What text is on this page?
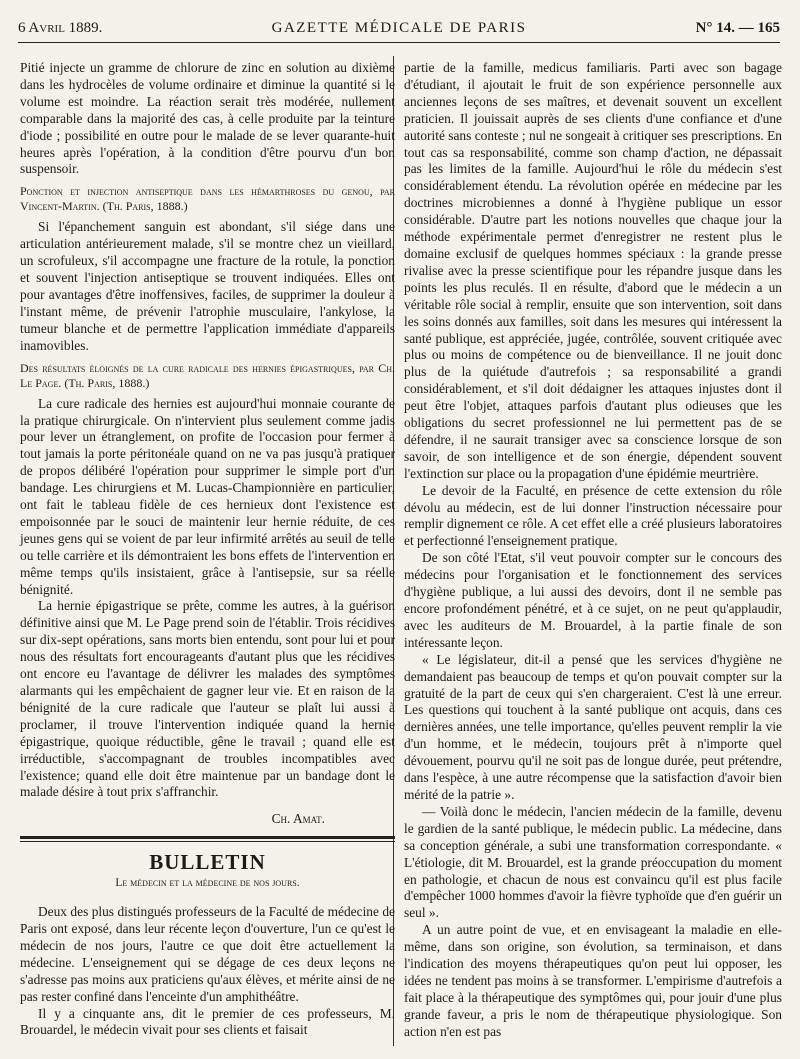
6 Avril 1889.	GAZETTE MÉDICALE DE PARIS	N° 14. — 165

Pitié injecte un gramme de chlorure de zinc en solution au dixième dans les hydrocèles de volume ordinaire et diminue la quantité si le volume est moindre. La réaction serait très modérée, nullement comparable dans la majorité des cas, à celle produite par la teinture d'iode ; possibilité en outre pour le malade de se lever quarante-huit heures après l'opération, à la condition d'être pourvu d'un bon suspensoir.

Ponction et injection antiseptique dans les hémarthroses du genou, par Vincent-Martin. (Th. Paris, 1888.)

Si l'épanchement sanguin est abondant, s'il siége dans une articulation antérieurement malade, s'il se montre chez un vieillard, un scrofuleux, s'il accompagne une fracture de la rotule, la ponction et souvent l'injection antiseptique se trouvent indiquées. Elles ont pour avantages d'être inoffensives, faciles, de supprimer la douleur à l'instant même, de prévenir l'atrophie musculaire, l'ankylose, la tumeur blanche et de permettre l'application immédiate d'appareils inamovibles.

Des résultats éloignés de la cure radicale des hernies épigastriques, par Ch. Le Page. (Th. Paris, 1888.)

La cure radicale des hernies est aujourd'hui monnaie courante de la pratique chirurgicale. On n'intervient plus seulement comme jadis pour lever un étranglement, on profite de l'occasion pour fermer à tout jamais la porte péritonéale quand on ne va pas jusqu'à pratiquer de propos délibéré l'opération pour supprimer le simple port d'un bandage. Les chirurgiens et M. Lucas-Championnière en particulier, ont fait le tableau fidèle de ces hernieux dont l'existence est empoisonnée par le souci de maintenir leur hernie réduite, de ces jeunes gens qui se voient de par leur infirmité arrêtés au seuil de telle ou telle carrière et ils démontraient les bons effets de l'intervention en même temps qu'ils insistaient, grâce à l'antisepsie, sur sa réelle bénignité.

La hernie épigastrique se prête, comme les autres, à la guérison définitive ainsi que M. Le Page prend soin de l'établir. Trois récidives sur dix-sept opérations, sans morts bien entendu, sont pour lui et pour nous des résultats fort encourageants d'autant plus que les récidives ont encore eu l'avantage de délivrer les malades des symptômes alarmants qui les empêchaient de gagner leur vie. Et en raison de la bénignité de la cure radicale que l'auteur se plaît lui aussi à proclamer, il trouve l'intervention indiquée quand la hernie épigastrique, quoique réductible, gêne le travail ; quand elle est irréductible, s'accompagnant de troubles incompatibles avec l'existence; quand elle doit être maintenue par un bandage dont le malade désire à tout prix s'affranchir.

Ch. Amat.
BULLETIN
Le médecin et la médecine de nos jours.

Deux des plus distingués professeurs de la Faculté de médecine de Paris ont exposé, dans leur récente leçon d'ouverture, l'un ce qu'est le médecin de nos jours, l'autre ce que doit être actuellement la médecine. L'enseignement qui se dégage de ces deux leçons ne s'adresse pas moins aux praticiens qu'aux élèves, et mérite ainsi de ne pas rester confiné dans l'enceinte d'un amphithéâtre.

Il y a cinquante ans, dit le premier de ces professeurs, M. Brouardel, le médecin vivait pour ses clients et faisait

partie de la famille, medicus familiaris. Parti avec son bagage d'étudiant, il ajoutait le fruit de son expérience personnelle aux anciennes leçons de ses maîtres, et devenait souvent un excellent praticien. Il jouissait auprès de ses clients d'une confiance et d'une autorité sans conteste ; nul ne songeait à critiquer ses prescriptions. En tout cas sa responsabilité, comme son champ d'action, ne dépassait pas les limites de la famille. Aujourd'hui le rôle du médecin s'est considérablement étendu. La révolution opérée en médecine par les doctrines microbiennes a donné à l'hygiène publique un essor considérable. D'autre part les notions nouvelles que chaque jour la méthode expérimentale permet d'enregistrer ne restent plus le domaine exclusif de quelques hommes spéciaux : la grande presse rivalise avec la presse scientifique pour les répandre jusque dans les points les plus reculés. Il en résulte, d'abord que le médecin a un véritable rôle social à remplir, ensuite que son intervention, soit dans les soins donnés aux familles, soit dans les mesures qui intéressent la santé publique, est appréciée, jugée, contrôlée, souvent critiquée avec plus ou moins de compétence ou de bienveillance. Il ne jouit donc plus de la quiétude d'autrefois ; sa responsabilité a grandi considérablement, et s'il doit dédaigner les attaques injustes dont il peut être l'objet, attaques parfois d'autant plus odieuses que les obligations du secret professionnel ne lui permettent pas de se défendre, il ne saurait transiger avec sa conscience lorsque de son savoir, de son intelligence et de son énergie, dépendent souvent l'extinction sur place ou la propagation d'une épidémie meurtrière.

Le devoir de la Faculté, en présence de cette extension du rôle dévolu au médecin, est de lui donner l'instruction nécessaire pour remplir dignement ce rôle. A cet effet elle a créé plusieurs laboratoires et perfectionné l'enseignement pratique.

De son côté l'Etat, s'il veut pouvoir compter sur le concours des médecins pour l'organisation et le fonctionnement des services d'hygiène publique, a lui aussi des devoirs, dont il ne semble pas encore profondément pénétré, et à ce sujet, on ne peut qu'applaudir, avec les auditeurs de M. Brouardel, à la partie finale de son intéressante leçon.

« Le législateur, dit-il a pensé que les services d'hygiène ne demandaient pas beaucoup de temps et qu'on pouvait compter sur la gratuité de la part de ceux qui s'en chargeraient. C'est là une erreur. Les questions qui touchent à la santé publique ont acquis, dans ces dernières années, une telle importance, qu'elles peuvent remplir la vie d'un homme, et le médecin, toujours prêt à n'importe quel dévouement, pourvu qu'il ne soit pas de longue durée, peut prétendre, dans l'espèce, à une autre récompense que la satisfaction d'avoir bien mérité de la patrie ».

— Voilà donc le médecin, l'ancien médecin de la famille, devenu le gardien de la santé publique, le médecin public. La médecine, dans sa conception générale, a subi une transformation correspondante. « L'étiologie, dit M. Brouardel, est la grande préoccupation du moment en pathologie, et chacun de nous est convaincu qu'il est plus facile d'empêcher 1000 hommes d'avoir la fièvre typhoïde que d'en guérir un seul ».

A un autre point de vue, et en envisageant la maladie en elle-même, dans son origine, son évolution, sa terminaison, et dans l'indication des moyens thérapeutiques qu'on peut lui opposer, les idées ne tendent pas moins à se transformer. L'empirisme d'autrefois a fait place à la thérapeutique des symptômes qui, pour jouir d'une plus grande faveur, a pris le nom de thérapeutique physiologique. Son action n'en est pas
